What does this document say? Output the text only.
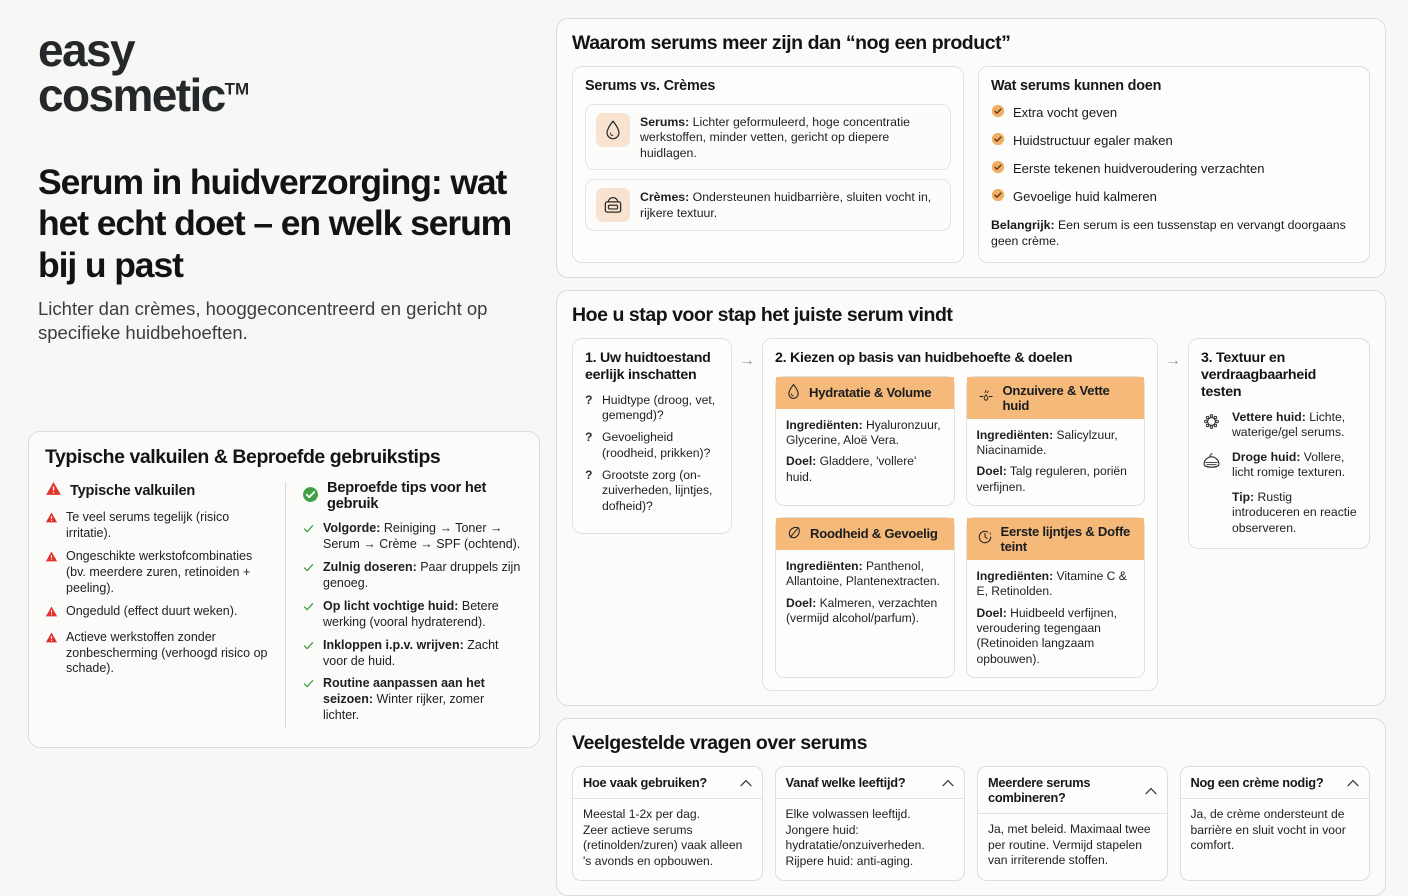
easy
cosmetic™
Serum in huidverzorging: wat het echt doet – en welk serum bij u past

Lichter dan crèmes, hooggeconcentreerd en gericht op specifieke huidbehoeften.

Typische valkuilen & Beproefde gebruikstips
Typische valkuilen
Te veel serums tegelijk (risico irritatie).
Ongeschikte werkstofcombinaties (bv. meerdere zuren, retinoiden + peeling).
Ongeduld (effect duurt weken).
Actieve werkstoffen zonder zonbescherming (verhoogd risico op schade).
Beproefde tips voor het gebruik
Volgorde: Reiniging → Toner → Serum → Crème → SPF (ochtend).
Zulnig doseren: Paar druppels zijn genoeg.
Op licht vochtige huid: Betere werking (vooral hydraterend).
Inkloppen i.p.v. wrijven: Zacht voor de huid.
Routine aanpassen aan het seizoen: Winter rijker, zomer lichter.
Waarom serums meer zijn dan “nog een product”
Serums vs. Crèmes
Serums: Lichter geformuleerd, hoge concentratie werkstoffen, minder vetten, gericht op diepere huidlagen.
Crèmes: Ondersteunen huidbarrière, sluiten vocht in, rijkere textuur.
Wat serums kunnen doen
Extra vocht geven
Huidstructuur egaler maken
Eerste tekenen huidveroudering verzachten
Gevoelige huid kalmeren
Belangrijk: Een serum is een tussenstap en vervangt doorgaans geen crème.
Hoe u stap voor stap het juiste serum vindt
1. Uw huidtoestand eerlijk inschatten
? Huidtype (droog, vet, gemengd)?
? Gevoeligheid (roodheid, prikken)?
? Grootste zorg (on-zuiverheden, lijntjes, dofheid)?
→	2. Kiezen op basis van huidbehoefte & doelen
Hydratatie & Volume

Ingrediënten: Hyaluronzuur, Glycerine, Aloë Vera.

Doel: Gladdere, 'vollere' huid.

Onzuivere & Vette huid

Ingrediënten: Salicylzuur, Niacinamide.

Doel: Talg reguleren, poriën verfijnen.

Roodheid & Gevoelig

Ingrediënten: Panthenol, Allantoine, Plantenextracten.

Doel: Kalmeren, verzachten (vermijd alcohol/parfum).

Eerste lijntjes & Doffe teint

Ingrediënten: Vitamine C & E, Retinolden.

Doel: Huidbeeld verfijnen, veroudering tegengaan (Retinoiden langzaam opbouwen).

→	3. Textuur en verdraagbaarheid testen
Vettere huid: Lichte, waterige/gel serums.
Droge huid: Vollere, licht romige texturen.
Tip: Rustig introduceren en reactie observeren.
Veelgestelde vragen over serums
Hoe vaak gebruiken?
Meestal 1-2x per dag.
Zeer actieve serums
(retinolden/zuren) vaak alleen
's avonds en opbouwen.
Vanaf welke leeftijd?
Elke volwassen leeftijd.
Jongere huid:
hydratatie/onzuiverheden.
Rijpere huid: anti-aging.
Meerdere serums combineren?
Ja, met beleid. Maximaal twee
per routine. Vermijd stapelen
van irriterende stoffen.
Nog een crème nodig?
Ja, de crème ondersteunt de
barrière en sluit vocht in voor
comfort.
